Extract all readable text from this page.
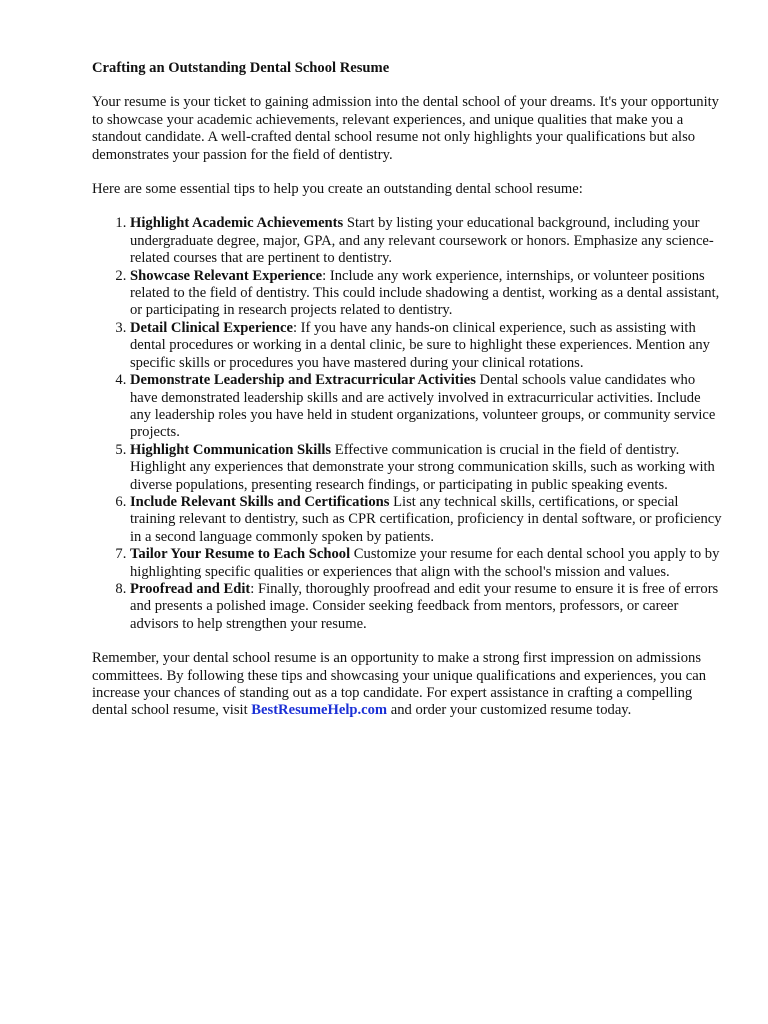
Crafting an Outstanding Dental School Resume

Your resume is your ticket to gaining admission into the dental school of your dreams. It's your opportunity to showcase your academic achievements, relevant experiences, and unique qualities that make you a standout candidate. A well-crafted dental school resume not only highlights your qualifications but also demonstrates your passion for the field of dentistry.

Here are some essential tips to help you create an outstanding dental school resume:

1. Highlight Academic Achievements Start by listing your educational background, including your undergraduate degree, major, GPA, and any relevant coursework or honors. Emphasize any science-related courses that are pertinent to dentistry.
2. Showcase Relevant Experience: Include any work experience, internships, or volunteer positions related to the field of dentistry. This could include shadowing a dentist, working as a dental assistant, or participating in research projects related to dentistry.
3. Detail Clinical Experience: If you have any hands-on clinical experience, such as assisting with dental procedures or working in a dental clinic, be sure to highlight these experiences. Mention any specific skills or procedures you have mastered during your clinical rotations.
4. Demonstrate Leadership and Extracurricular Activities Dental schools value candidates who have demonstrated leadership skills and are actively involved in extracurricular activities. Include any leadership roles you have held in student organizations, volunteer groups, or community service projects.
5. Highlight Communication Skills Effective communication is crucial in the field of dentistry. Highlight any experiences that demonstrate your strong communication skills, such as working with diverse populations, presenting research findings, or participating in public speaking events.
6. Include Relevant Skills and Certifications List any technical skills, certifications, or special training relevant to dentistry, such as CPR certification, proficiency in dental software, or proficiency in a second language commonly spoken by patients.
7. Tailor Your Resume to Each School Customize your resume for each dental school you apply to by highlighting specific qualities or experiences that align with the school's mission and values.
8. Proofread and Edit: Finally, thoroughly proofread and edit your resume to ensure it is free of errors and presents a polished image. Consider seeking feedback from mentors, professors, or career advisors to help strengthen your resume.

Remember, your dental school resume is an opportunity to make a strong first impression on admissions committees. By following these tips and showcasing your unique qualifications and experiences, you can increase your chances of standing out as a top candidate. For expert assistance in crafting a compelling dental school resume, visit BestResumeHelp.com and order your customized resume today.
